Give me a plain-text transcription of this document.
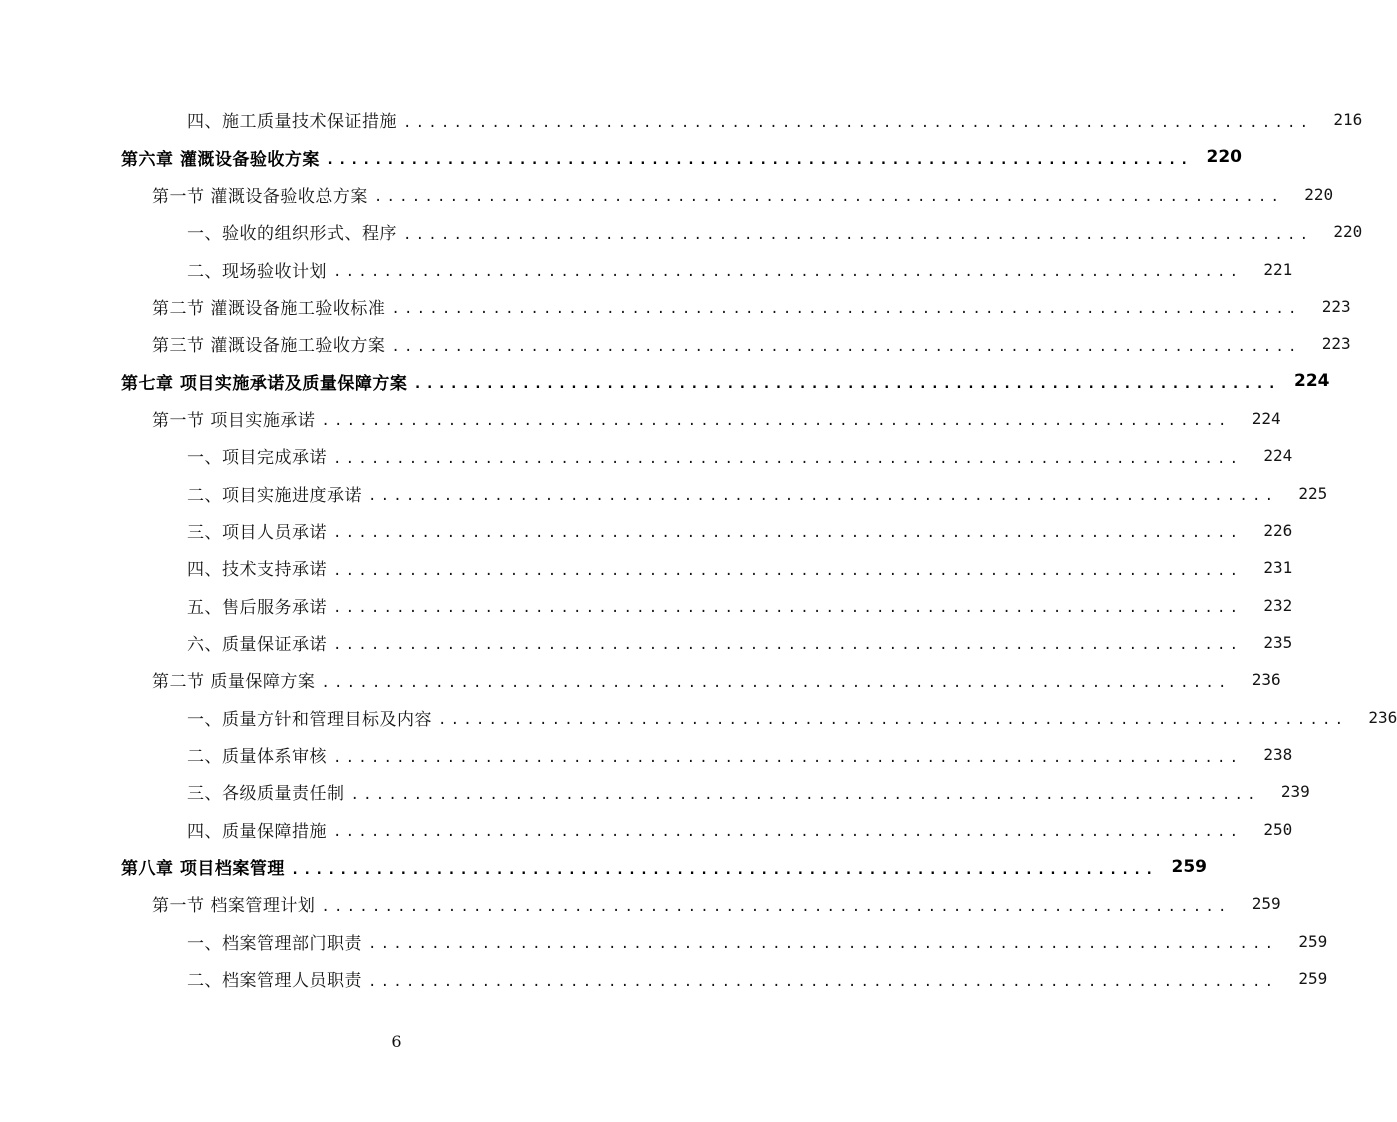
四、施工质量技术保证措施 ........................................................................	216
第六章 灌溉设备验收方案 ........................................................................ 220
第一节 灌溉设备验收总方案 ........................................................................	220
一、验收的组织形式、程序 ........................................................................	220
二、现场验收计划 ........................................................................	221
第二节 灌溉设备施工验收标准 ........................................................................	223
第三节 灌溉设备施工验收方案 ........................................................................	223
第七章 项目实施承诺及质量保障方案 ........................................................................ 224
第一节 项目实施承诺 ........................................................................	224
一、项目完成承诺 ........................................................................	224
二、项目实施进度承诺 ........................................................................	225
三、项目人员承诺 ........................................................................	226
四、技术支持承诺 ........................................................................	231
五、售后服务承诺 ........................................................................	232
六、质量保证承诺 ........................................................................	235
第二节 质量保障方案 ........................................................................	236
一、质量方针和管理目标及内容 ........................................................................	236
二、质量体系审核 ........................................................................	238
三、各级质量责任制 ........................................................................	239
四、质量保障措施 ........................................................................	250
第八章 项目档案管理 ........................................................................ 259
第一节 档案管理计划 ........................................................................	259
一、档案管理部门职责 ........................................................................	259
二、档案管理人员职责 ........................................................................	259
6
